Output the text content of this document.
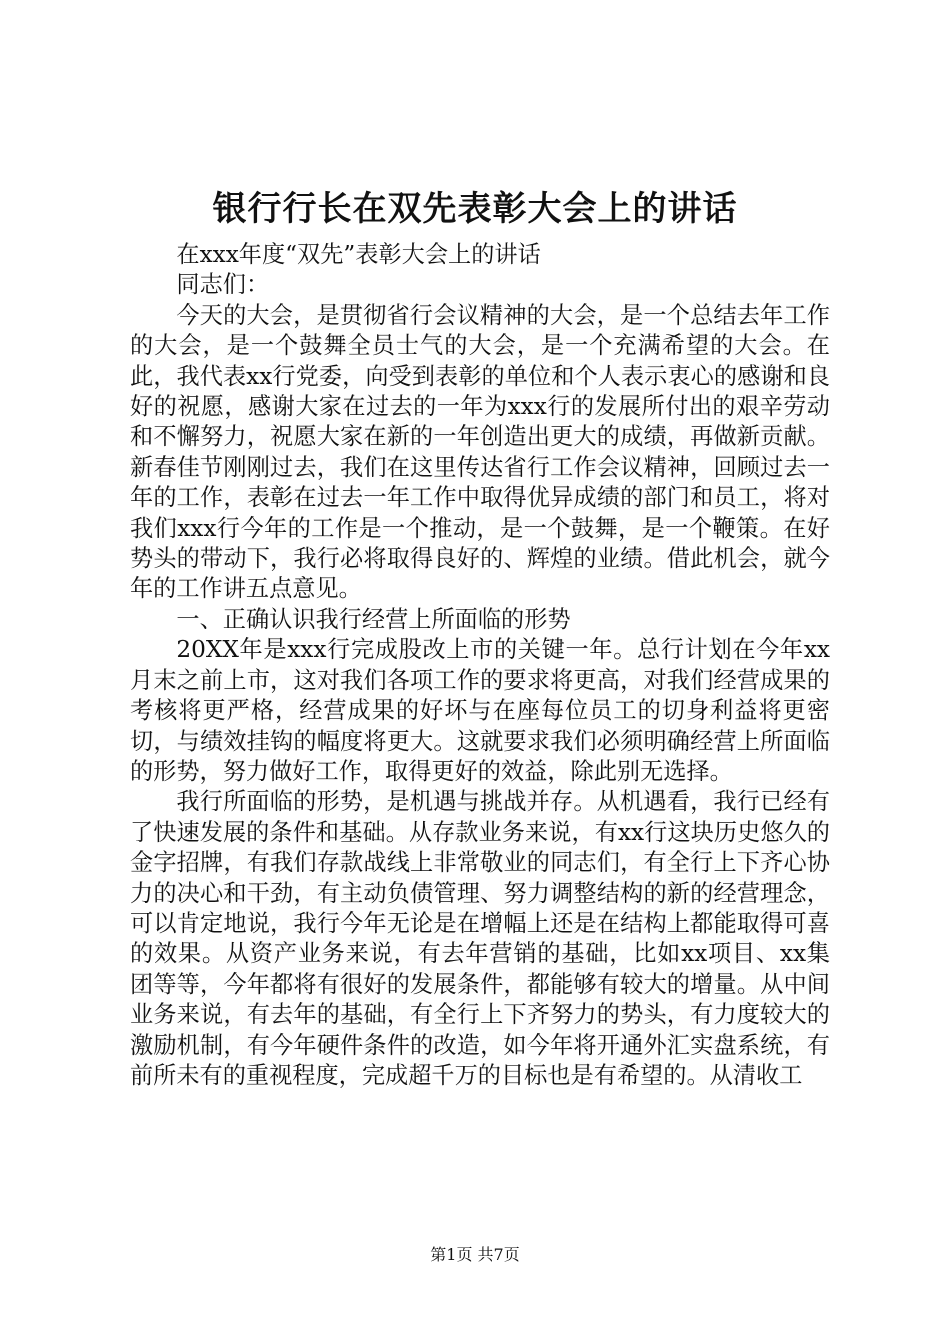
银行行长在双先表彰大会上的讲话

在xxx年度“双先”表彰大会上的讲话

同志们：

今天的大会，是贯彻省行会议精神的大会，是一个总结去年工作的大会，是一个鼓舞全员士气的大会，是一个充满希望的大会。在此，我代表xx行党委，向受到表彰的单位和个人表示衷心的感谢和良好的祝愿，感谢大家在过去的一年为xxx行的发展所付出的艰辛劳动和不懈努力，祝愿大家在新的一年创造出更大的成绩，再做新贡献。新春佳节刚刚过去，我们在这里传达省行工作会议精神，回顾过去一年的工作，表彰在过去一年工作中取得优异成绩的部门和员工，将对我们xxx行今年的工作是一个推动，是一个鼓舞，是一个鞭策。在好势头的带动下，我行必将取得良好的、辉煌的业绩。借此机会，就今年的工作讲五点意见。

一、正确认识我行经营上所面临的形势

20XX年是xxx行完成股改上市的关键一年。总行计划在今年xx月末之前上市，这对我们各项工作的要求将更高，对我们经营成果的考核将更严格，经营成果的好坏与在座每位员工的切身利益将更密切，与绩效挂钩的幅度将更大。这就要求我们必须明确经营上所面临的形势，努力做好工作，取得更好的效益，除此别无选择。

我行所面临的形势，是机遇与挑战并存。从机遇看，我行已经有了快速发展的条件和基础。从存款业务来说，有xx行这块历史悠久的金字招牌，有我们存款战线上非常敬业的同志们，有全行上下齐心协力的决心和干劲，有主动负债管理、努力调整结构的新的经营理念，可以肯定地说，我行今年无论是在增幅上还是在结构上都能取得可喜的效果。从资产业务来说，有去年营销的基础，比如xx项目、xx集团等等，今年都将有很好的发展条件，都能够有较大的增量。从中间业务来说，有去年的基础，有全行上下齐努力的势头，有力度较大的激励机制，有今年硬件条件的改造，如今年将开通外汇实盘系统，有前所未有的重视程度，完成超千万的目标也是有希望的。从清收工

第1页 共7页
